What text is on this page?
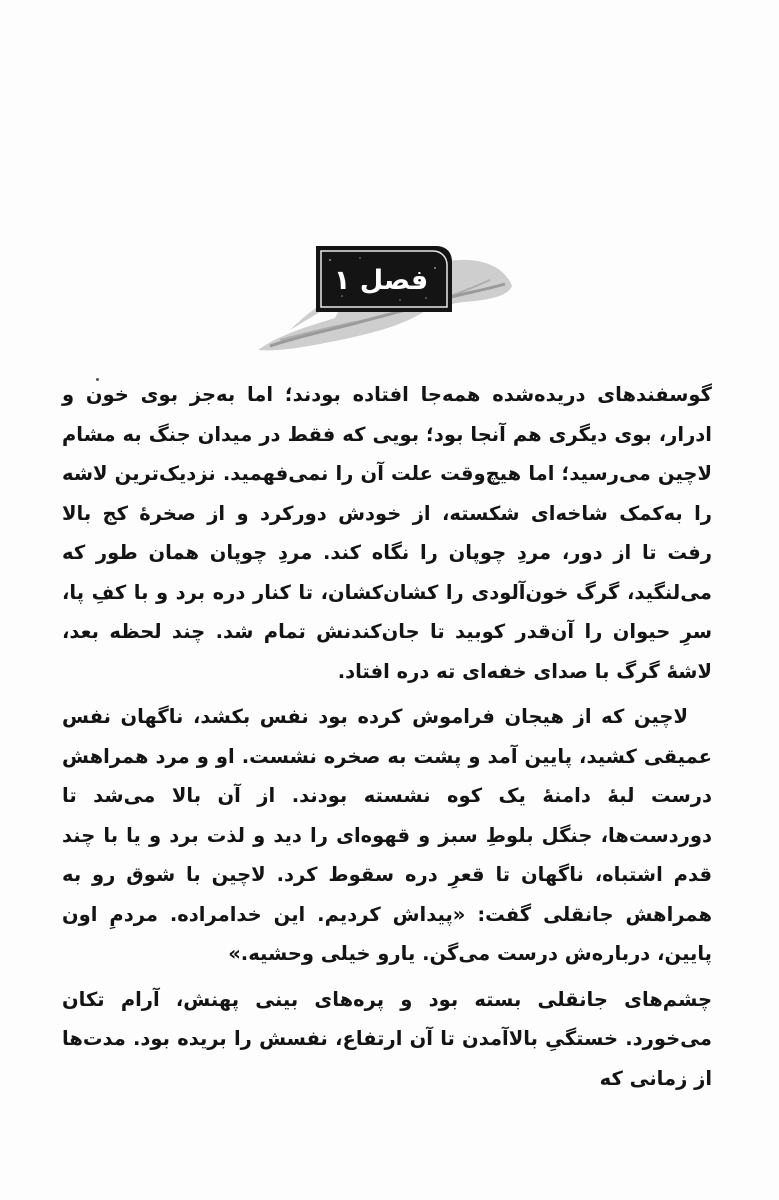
فصل ۱

گوسفندهای دریده‌شده همه‌جا افتاده بودند؛ اما به‌جز بوی خون و ادرار، بوی دیگری هم آنجا بود؛ بویی که فقط در میدان جنگ به مشام لاچین می‌رسید؛ اما هیچ‌وقت علت آن را نمی‌فهمید. نزدیک‌ترین لاشه را به‌کمک شاخه‌ای شکسته، از خودش دورکرد و از صخرهٔ کج بالا رفت تا از دور، مردِ چوپان را نگاه کند. مردِ چوپان همان طور که می‌لنگید، گرگ خون‌آلودی را کشان‌کشان، تا کنار دره برد و با کفِ پا، سرِ حیوان را آن‌قدر کوبید تا جان‌کندنش تمام شد. چند لحظه بعد، لاشهٔ گرگ با صدای خفه‌ای ته دره افتاد.

لاچین که از هیجان فراموش کرده بود نفس بکشد، ناگهان نفس عمیقی کشید، پایین آمد و پشت به صخره نشست. او و مرد همراهش درست لبهٔ دامنهٔ یک کوه نشسته بودند. از آن بالا می‌شد تا دوردست‌ها، جنگل بلوطِ سبز و قهوه‌ای را دید و لذت برد و یا با چند قدم اشتباه، ناگهان تا قعرِ دره سقوط کرد. لاچین با شوق رو به همراهش جانقلی گفت: «پیداش کردیم. این خدامراده. مردمِ اون پایین، درباره‌ش درست می‌گن. یارو خیلی وحشیه.»

چشم‌های جانقلی بسته بود و پره‌های بینی پهنش، آرام تکان می‌خورد. خستگیِ بالاآمدن تا آن ارتفاع، نفسش را بریده بود. مدت‌ها از زمانی که
